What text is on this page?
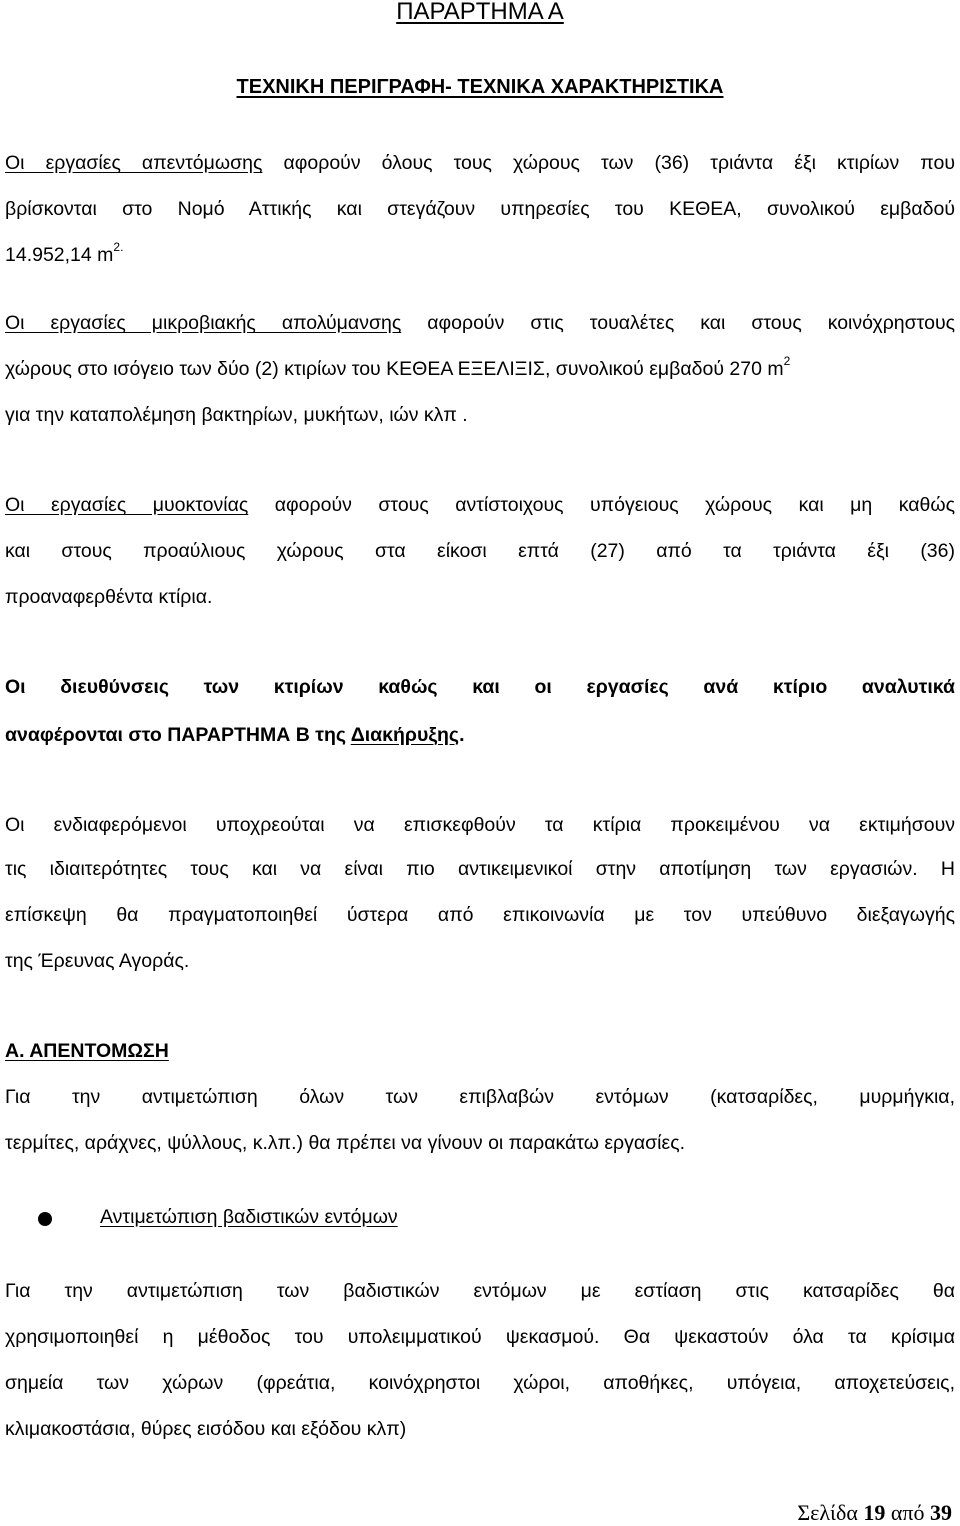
ΠΑΡΑΡΤΗΜΑ Α
ΤΕΧΝΙΚΗ ΠΕΡΙΓΡΑΦΗ- ΤΕΧΝΙΚΑ ΧΑΡΑΚΤΗΡΙΣΤΙΚΑ

Οι εργασίες απεντόμωσης αφορούν όλους τους χώρους των (36) τριάντα έξι κτιρίων που

βρίσκονται στο Νομό Αττικής και στεγάζουν υπηρεσίες του ΚΕΘΕΑ, συνολικού εμβαδού

14.952,14 $m^{2.}$

Οι εργασίες μικροβιακής απολύμανσης αφορούν στις τουαλέτες και στους κοινόχρηστους

χώρους στο ισόγειο των δύο (2) κτιρίων του ΚΕΘΕΑ ΕΞΕΛΙΞΙΣ, συνολικού εμβαδού 270 $m^2$
για την καταπολέμηση βακτηρίων, μυκήτων, ιών κλπ .

Οι εργασίες μυοκτονίας αφορούν στους αντίστοιχους υπόγειους χώρους και μη καθώς

και στους προαύλιους χώρους στα είκοσι επτά (27) από τα τριάντα έξι (36)

προαναφερθέντα κτίρια.

Οι διευθύνσεις των κτιρίων καθώς και οι εργασίες ανά κτίριο αναλυτικά

αναφέρονται στο ΠΑΡΑΡΤΗΜΑ Β της Διακήρυξης.

Οι ενδιαφερόμενοι υποχρεούται να επισκεφθούν τα κτίρια προκειμένου να εκτιμήσουν

τις ιδιαιτερότητες τους και να είναι πιο αντικειμενικοί στην αποτίμηση των εργασιών. Η

επίσκεψη θα πραγματοποιηθεί ύστερα από επικοινωνία με τον υπεύθυνο διεξαγωγής

της Έρευνας Αγοράς.
Α. ΑΠΕΝΤΟΜΩΣΗ

Για την αντιμετώπιση όλων των επιβλαβών εντόμων (κατσαρίδες, μυρμήγκια,

τερμίτες, αράχνες, ψύλλους, κ.λπ.) θα πρέπει να γίνουν οι παρακάτω εργασίες.
Αντιμετώπιση βαδιστικών εντόμων

Για την αντιμετώπιση των βαδιστικών εντόμων με εστίαση στις κατσαρίδες θα

χρησιμοποιηθεί η μέθοδος του υπολειμματικού ψεκασμού. Θα ψεκαστούν όλα τα κρίσιμα

σημεία των χώρων (φρεάτια, κοινόχρηστοι χώροι, αποθήκες, υπόγεια, αποχετεύσεις,

κλιμακοστάσια, θύρες εισόδου και εξόδου κλπ)
Σελίδα 19 από 39
